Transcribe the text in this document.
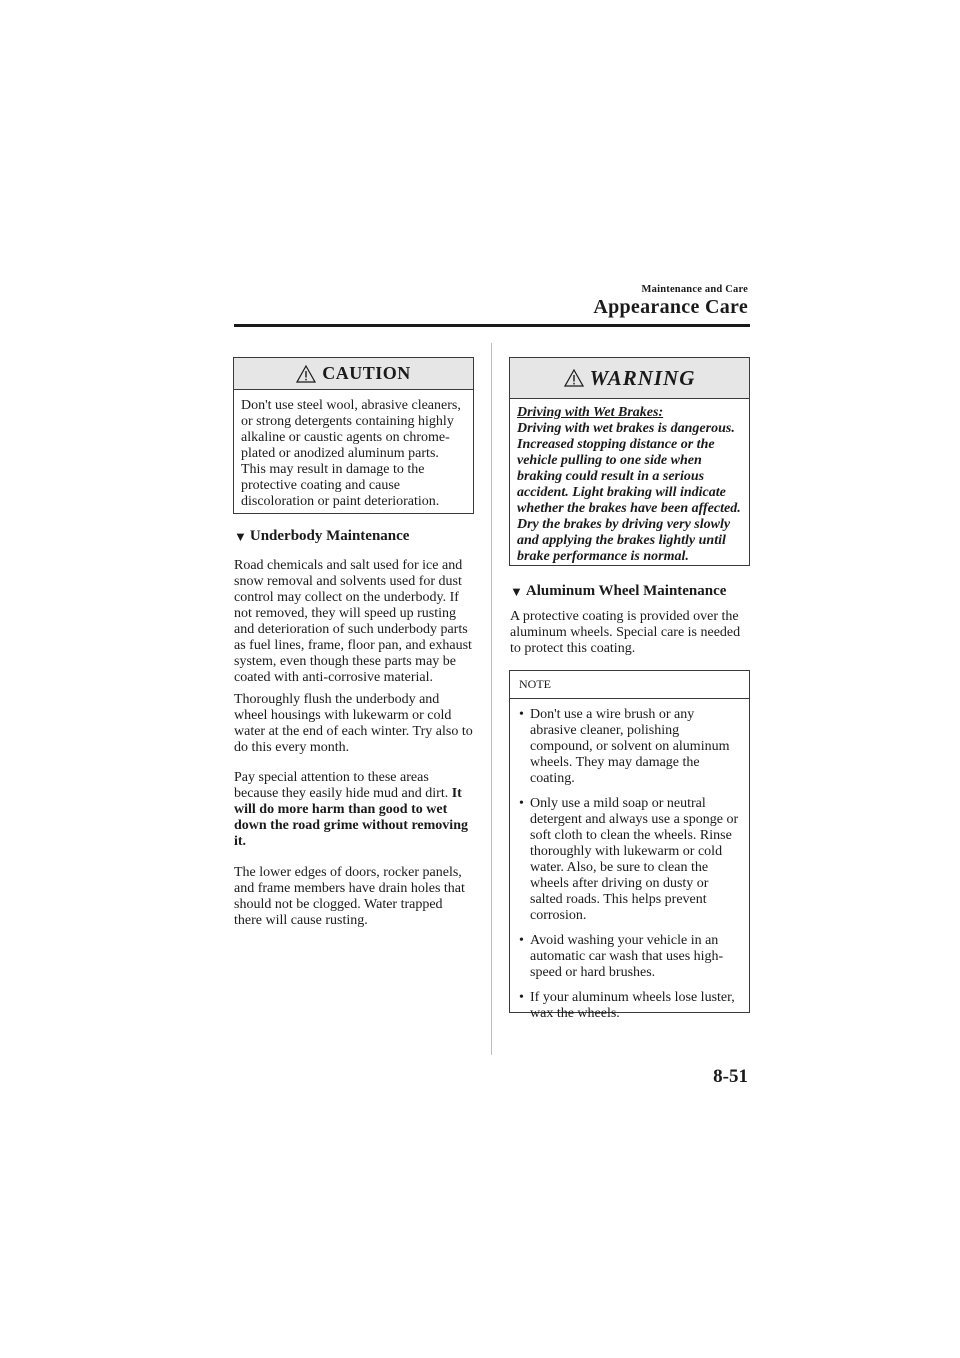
Maintenance and Care
Appearance Care
CAUTION
Don't use steel wool, abrasive cleaners, or strong detergents containing highly alkaline or caustic agents on chrome-plated or anodized aluminum parts. This may result in damage to the protective coating and cause discoloration or paint deterioration.
▼ Underbody Maintenance

Road chemicals and salt used for ice and snow removal and solvents used for dust control may collect on the underbody. If not removed, they will speed up rusting and deterioration of such underbody parts as fuel lines, frame, floor pan, and exhaust system, even though these parts may be coated with anti-corrosive material.

Thoroughly flush the underbody and wheel housings with lukewarm or cold water at the end of each winter. Try also to do this every month.

Pay special attention to these areas because they easily hide mud and dirt. It will do more harm than good to wet down the road grime without removing it.

The lower edges of doors, rocker panels, and frame members have drain holes that should not be clogged. Water trapped there will cause rusting.

WARNING
Driving with Wet Brakes:
Driving with wet brakes is dangerous. Increased stopping distance or the vehicle pulling to one side when braking could result in a serious accident. Light braking will indicate whether the brakes have been affected. Dry the brakes by driving very slowly and applying the brakes lightly until brake performance is normal.
▼ Aluminum Wheel Maintenance

A protective coating is provided over the aluminum wheels. Special care is needed to protect this coating.

NOTE
• Don't use a wire brush or any abrasive cleaner, polishing compound, or solvent on aluminum wheels. They may damage the coating.
• Only use a mild soap or neutral detergent and always use a sponge or soft cloth to clean the wheels. Rinse thoroughly with lukewarm or cold water. Also, be sure to clean the wheels after driving on dusty or salted roads. This helps prevent corrosion.
• Avoid washing your vehicle in an automatic car wash that uses high-speed or hard brushes.
• If your aluminum wheels lose luster, wax the wheels.
8-51
